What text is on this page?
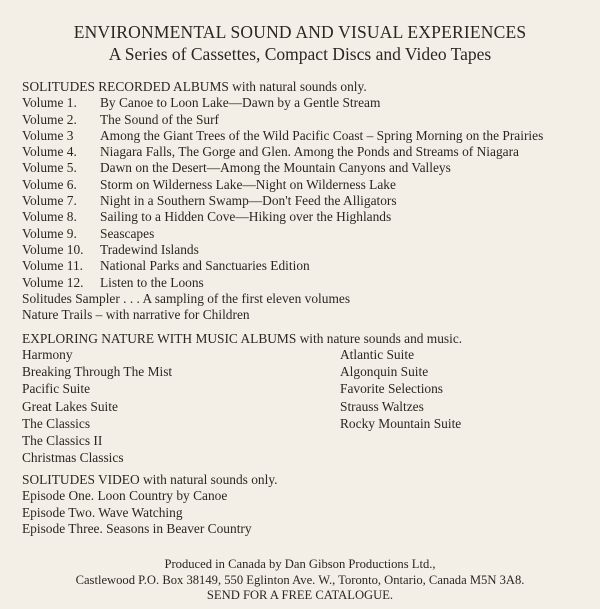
ENVIRONMENTAL SOUND AND VISUAL EXPERIENCES
A Series of Cassettes, Compact Discs and Video Tapes
SOLITUDES RECORDED ALBUMS with natural sounds only.
Volume 1.	By Canoe to Loon Lake—Dawn by a Gentle Stream
Volume 2.	The Sound of the Surf
Volume 3	Among the Giant Trees of the Wild Pacific Coast – Spring Morning on the Prairies
Volume 4.	Niagara Falls, The Gorge and Glen. Among the Ponds and Streams of Niagara
Volume 5.	Dawn on the Desert—Among the Mountain Canyons and Valleys
Volume 6.	Storm on Wilderness Lake—Night on Wilderness Lake
Volume 7.	Night in a Southern Swamp—Don't Feed the Alligators
Volume 8.	Sailing to a Hidden Cove—Hiking over the Highlands
Volume 9.	Seascapes
Volume 10.	Tradewind Islands
Volume 11.	National Parks and Sanctuaries Edition
Volume 12.	Listen to the Loons
Solitudes Sampler . . . A sampling of the first eleven volumes
Nature Trails – with narrative for Children
EXPLORING NATURE WITH MUSIC ALBUMS with nature sounds and music.
Harmony
Breaking Through The Mist
Pacific Suite
Great Lakes Suite
The Classics
The Classics II
Christmas Classics
Atlantic Suite
Algonquin Suite
Favorite Selections
Strauss Waltzes
Rocky Mountain Suite
SOLITUDES VIDEO with natural sounds only.
Episode One. Loon Country by Canoe
Episode Two. Wave Watching
Episode Three. Seasons in Beaver Country
Produced in Canada by Dan Gibson Productions Ltd.,
Castlewood P.O. Box 38149, 550 Eglinton Ave. W., Toronto, Ontario, Canada M5N 3A8.
SEND FOR A FREE CATALOGUE.
